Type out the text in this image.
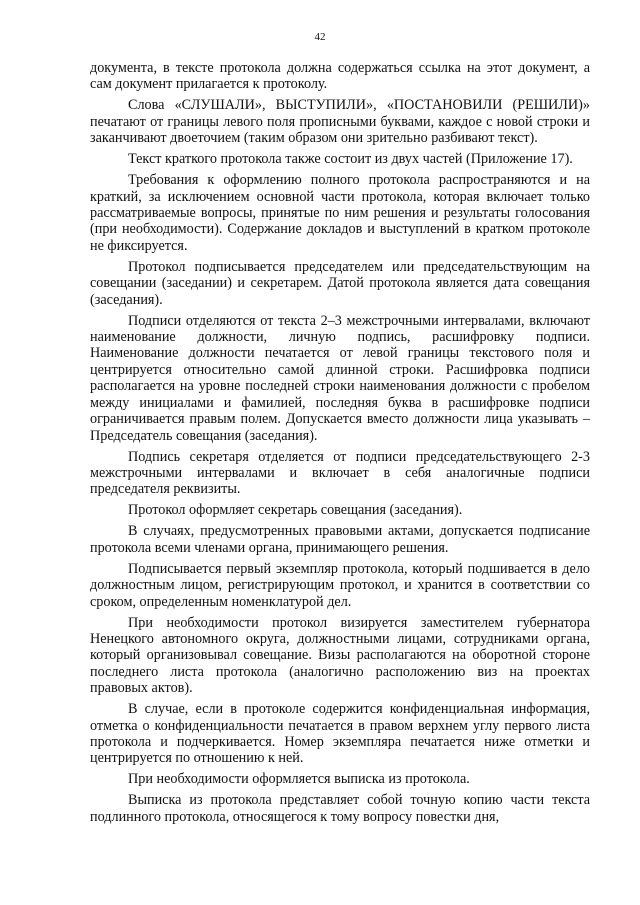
42

документа, в тексте протокола должна содержаться ссылка на этот документ, а сам документ прилагается к протоколу.

Слова «СЛУШАЛИ», ВЫСТУПИЛИ», «ПОСТАНОВИЛИ (РЕШИЛИ)» печатают от границы левого поля прописными буквами, каждое с новой строки и заканчивают двоеточием (таким образом они зрительно разбивают текст).

Текст краткого протокола также состоит из двух частей (Приложение 17).

Требования к оформлению полного протокола распространяются и на краткий, за исключением основной части протокола, которая включает только рассматриваемые вопросы, принятые по ним решения и результаты голосования (при необходимости). Содержание докладов и выступлений в кратком протоколе не фиксируется.

Протокол подписывается председателем или председательствующим на совещании (заседании) и секретарем. Датой протокола является дата совещания (заседания).

Подписи отделяются от текста 2–3 межстрочными интервалами, включают наименование должности, личную подпись, расшифровку подписи. Наименование должности печатается от левой границы текстового поля и центрируется относительно самой длинной строки. Расшифровка подписи располагается на уровне последней строки наименования должности с пробелом между инициалами и фамилией, последняя буква в расшифровке подписи ограничивается правым полем. Допускается вместо должности лица указывать – Председатель совещания (заседания).

Подпись секретаря отделяется от подписи председательствующего 2-3 межстрочными интервалами и включает в себя аналогичные подписи председателя реквизиты.

Протокол оформляет секретарь совещания (заседания).

В случаях, предусмотренных правовыми актами, допускается подписание протокола всеми членами органа, принимающего решения.

Подписывается первый экземпляр протокола, который подшивается в дело должностным лицом, регистрирующим протокол, и хранится в соответствии со сроком, определенным номенклатурой дел.

При необходимости протокол визируется заместителем губернатора Ненецкого автономного округа, должностными лицами, сотрудниками органа, который организовывал совещание. Визы располагаются на оборотной стороне последнего листа протокола (аналогично расположению виз на проектах правовых актов).

В случае, если в протоколе содержится конфиденциальная информация, отметка о конфиденциальности печатается в правом верхнем углу первого листа протокола и подчеркивается. Номер экземпляра печатается ниже отметки и центрируется по отношению к ней.

При необходимости оформляется выписка из протокола.

Выписка из протокола представляет собой точную копию части текста подлинного протокола, относящегося к тому вопросу повестки дня,
